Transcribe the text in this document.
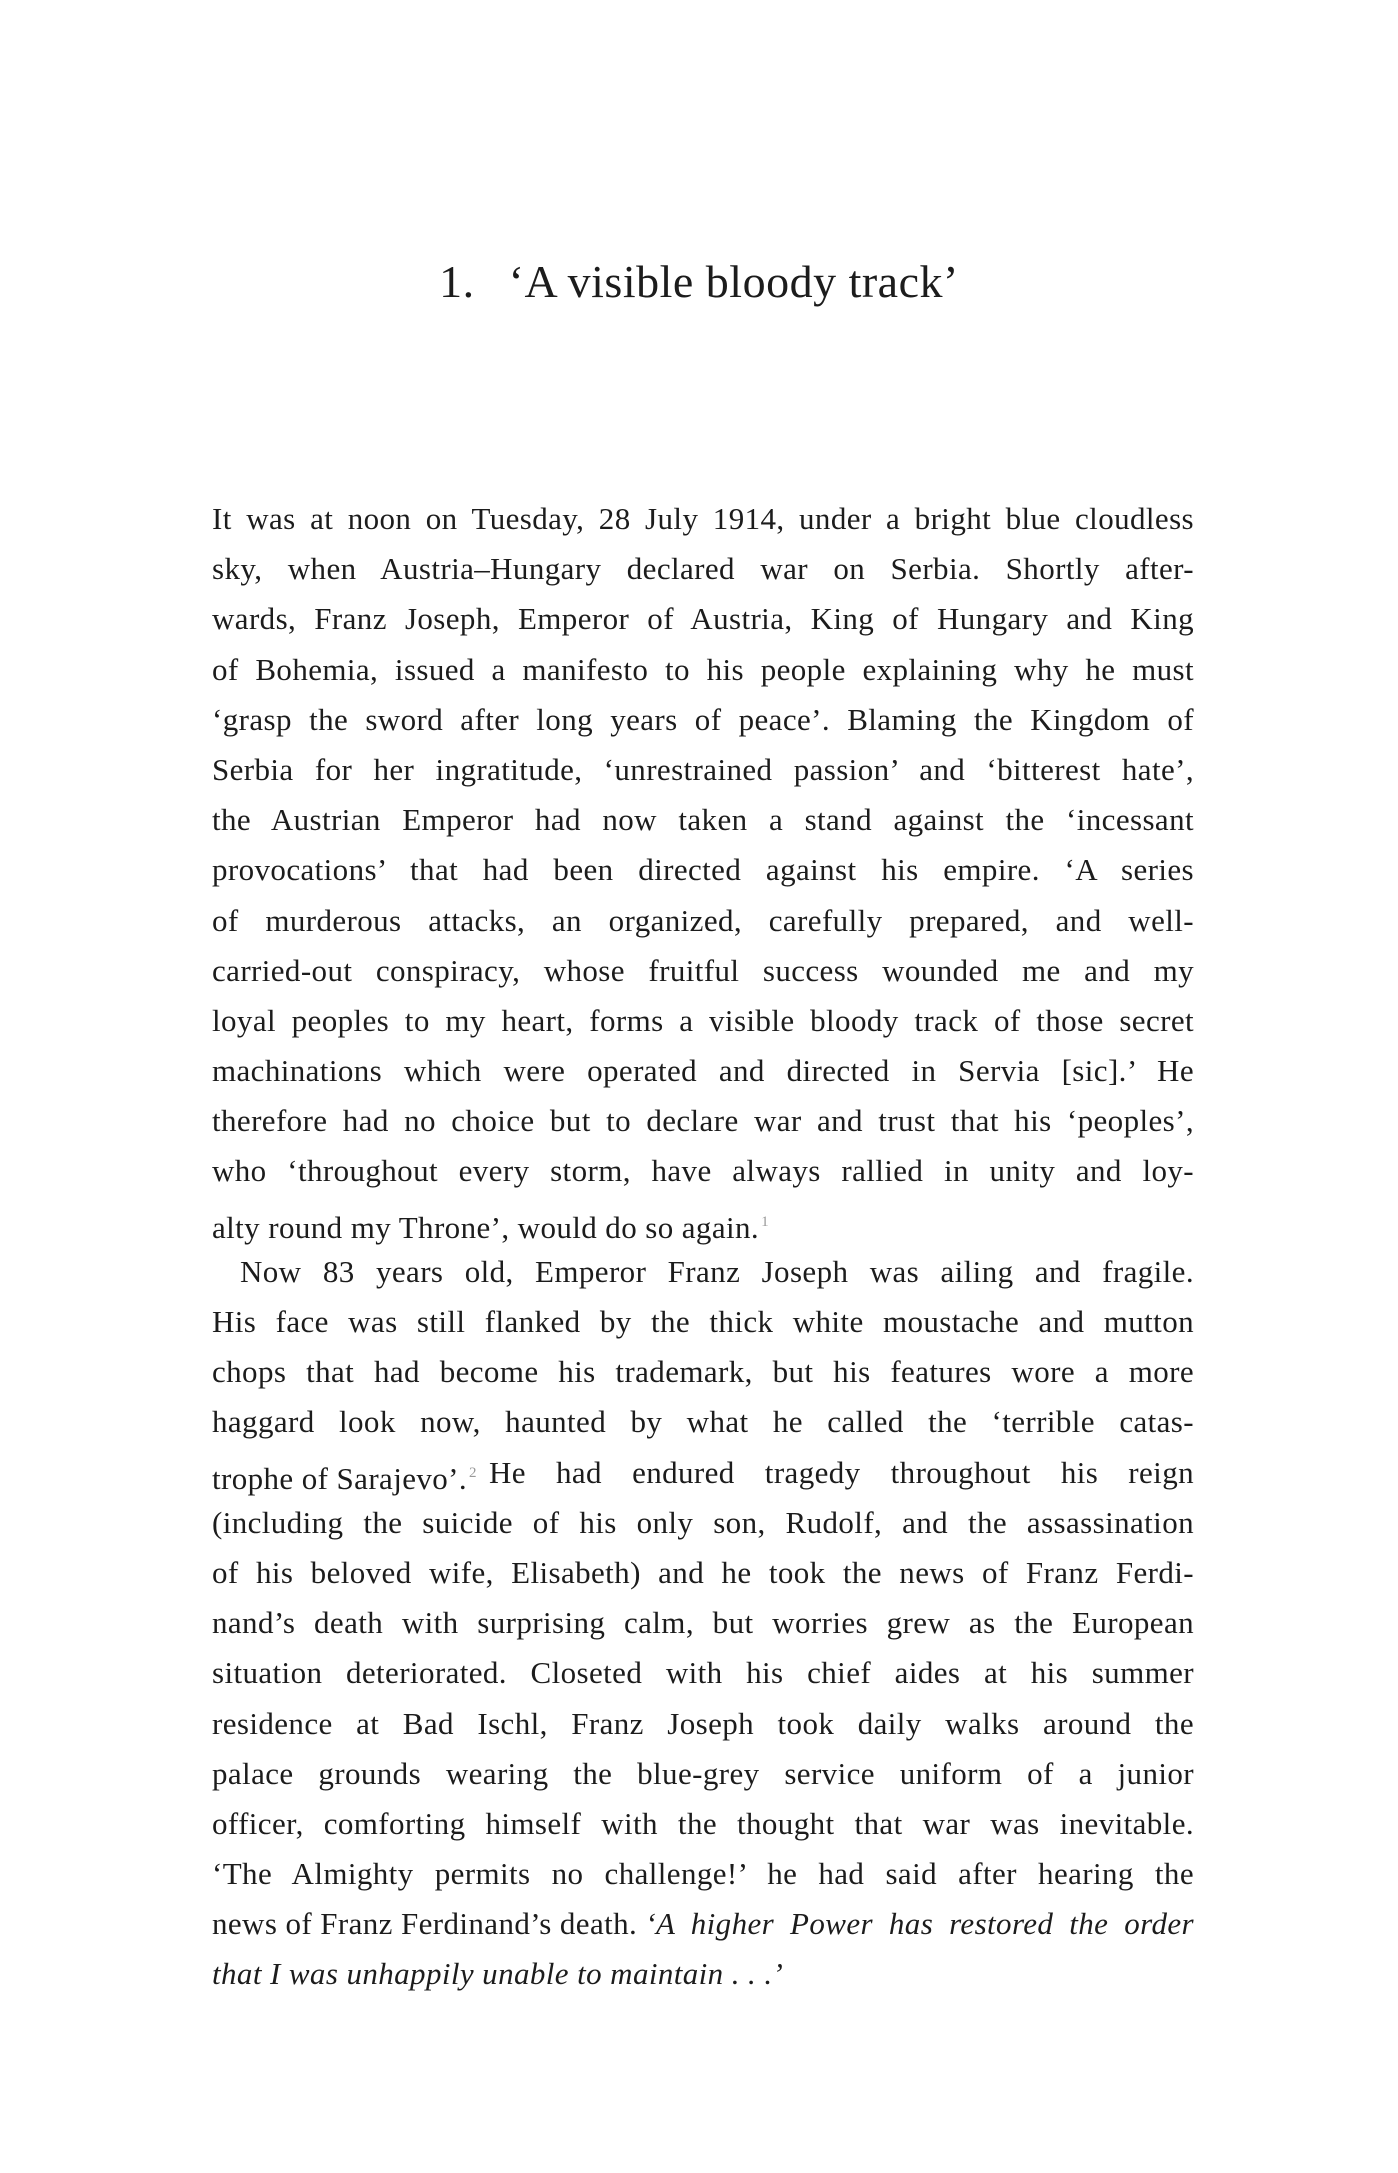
1. ‘A visible bloody track’
It was at noon on Tuesday, 28 July 1914, under a bright blue cloudless
sky, when Austria–Hungary declared war on Serbia. Shortly after-
wards, Franz Joseph, Emperor of Austria, King of Hungary and King
of Bohemia, issued a manifesto to his people explaining why he must
‘grasp the sword after long years of peace’. Blaming the Kingdom of
Serbia for her ingratitude, ‘unrestrained passion’ and ‘bitterest hate’,
the Austrian Emperor had now taken a stand against the ‘incessant
provocations’ that had been directed against his empire. ‘A series
of murderous attacks, an organized, carefully prepared, and well-
carried-out conspiracy, whose fruitful success wounded me and my
loyal peoples to my heart, forms a visible bloody track of those secret
machinations which were operated and directed in Servia [sic].’ He
therefore had no choice but to declare war and trust that his ‘peoples’,
who ‘throughout every storm, have always rallied in unity and loy-
alty round my Throne’, would do so again. $^1$
Now 83 years old, Emperor Franz Joseph was ailing and fragile.
His face was still flanked by the thick white moustache and mutton
chops that had become his trademark, but his features wore a more
haggard look now, haunted by what he called the ‘terrible catas-
trophe of Sarajevo’. $^2$ He had endured tragedy throughout his reign
(including the suicide of his only son, Rudolf, and the assassination
of his beloved wife, Elisabeth) and he took the news of Franz Ferdi-
nand’s death with surprising calm, but worries grew as the European
situation deteriorated. Closeted with his chief aides at his summer
residence at Bad Ischl, Franz Joseph took daily walks around the
palace grounds wearing the blue-grey service uniform of a junior
officer, comforting himself with the thought that war was inevitable.
‘The Almighty permits no challenge!’ he had said after hearing the
news of Franz Ferdinand’s death. ‘A higher Power has restored the order
that I was unhappily unable to maintain . . .’
